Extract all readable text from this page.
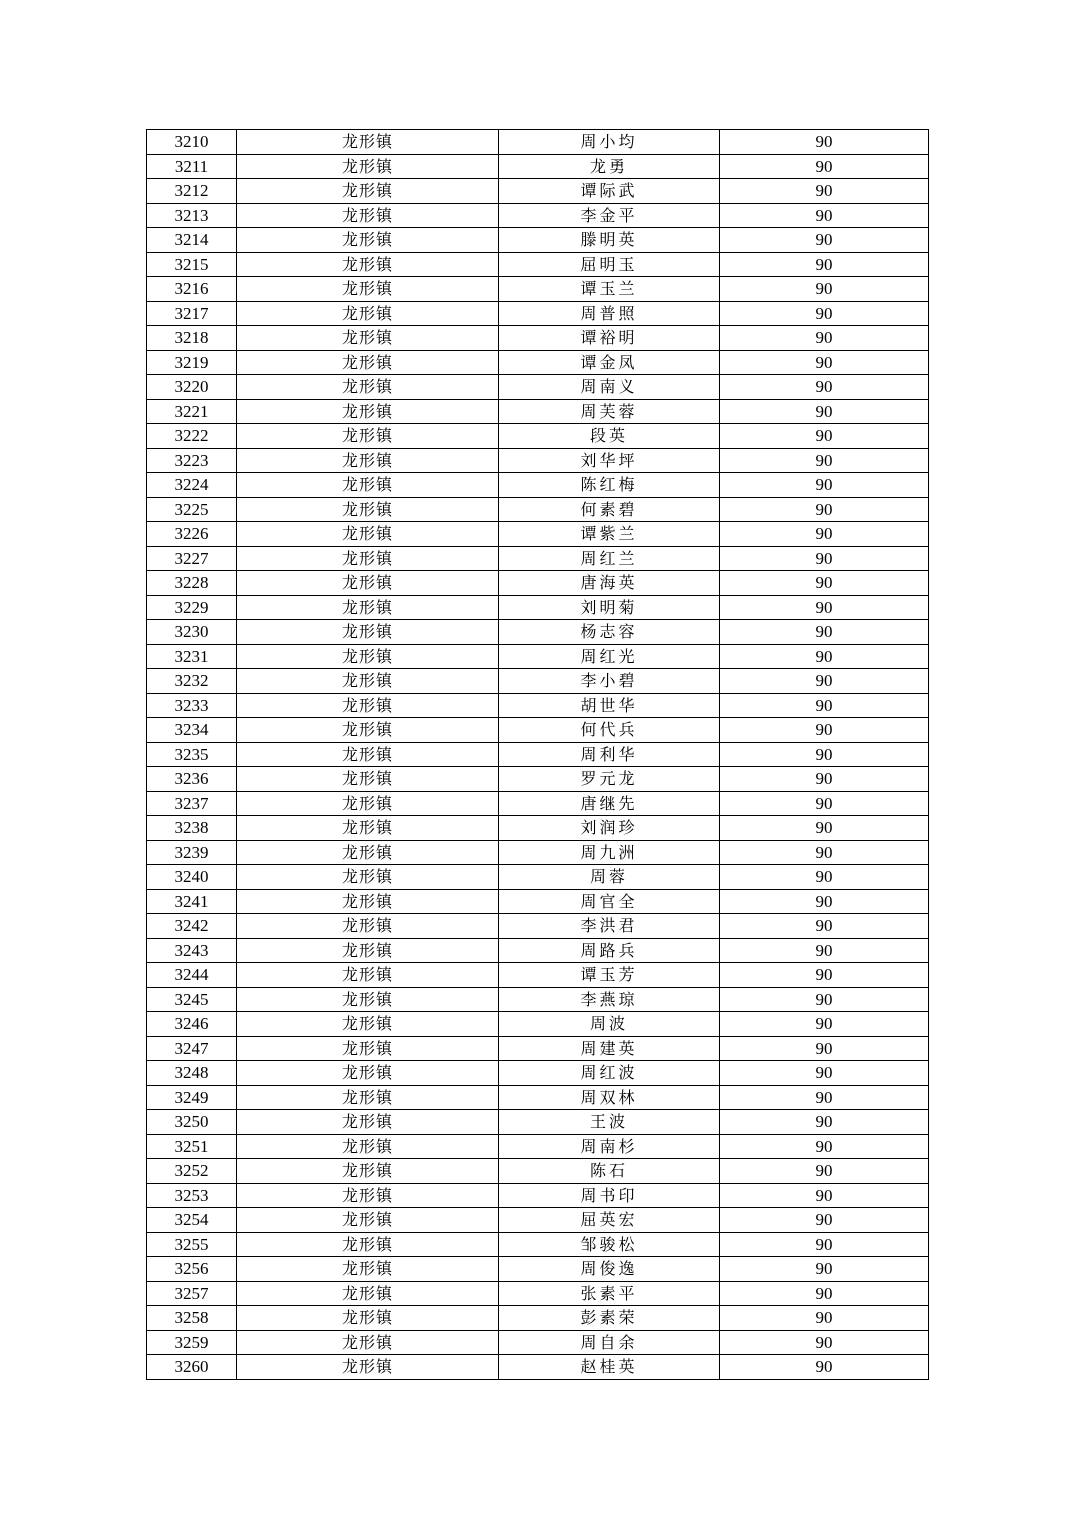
3210	龙形镇	周小均	90
3211	龙形镇	龙勇	90
3212	龙形镇	谭际武	90
3213	龙形镇	李金平	90
3214	龙形镇	滕明英	90
3215	龙形镇	屈明玉	90
3216	龙形镇	谭玉兰	90
3217	龙形镇	周普照	90
3218	龙形镇	谭裕明	90
3219	龙形镇	谭金凤	90
3220	龙形镇	周南义	90
3221	龙形镇	周芙蓉	90
3222	龙形镇	段英	90
3223	龙形镇	刘华坪	90
3224	龙形镇	陈红梅	90
3225	龙形镇	何素碧	90
3226	龙形镇	谭紫兰	90
3227	龙形镇	周红兰	90
3228	龙形镇	唐海英	90
3229	龙形镇	刘明菊	90
3230	龙形镇	杨志容	90
3231	龙形镇	周红光	90
3232	龙形镇	李小碧	90
3233	龙形镇	胡世华	90
3234	龙形镇	何代兵	90
3235	龙形镇	周利华	90
3236	龙形镇	罗元龙	90
3237	龙形镇	唐继先	90
3238	龙形镇	刘润珍	90
3239	龙形镇	周九洲	90
3240	龙形镇	周蓉	90
3241	龙形镇	周官全	90
3242	龙形镇	李洪君	90
3243	龙形镇	周路兵	90
3244	龙形镇	谭玉芳	90
3245	龙形镇	李燕琼	90
3246	龙形镇	周波	90
3247	龙形镇	周建英	90
3248	龙形镇	周红波	90
3249	龙形镇	周双林	90
3250	龙形镇	王波	90
3251	龙形镇	周南杉	90
3252	龙形镇	陈石	90
3253	龙形镇	周书印	90
3254	龙形镇	屈英宏	90
3255	龙形镇	邹骏松	90
3256	龙形镇	周俊逸	90
3257	龙形镇	张素平	90
3258	龙形镇	彭素荣	90
3259	龙形镇	周自余	90
3260	龙形镇	赵桂英	90
